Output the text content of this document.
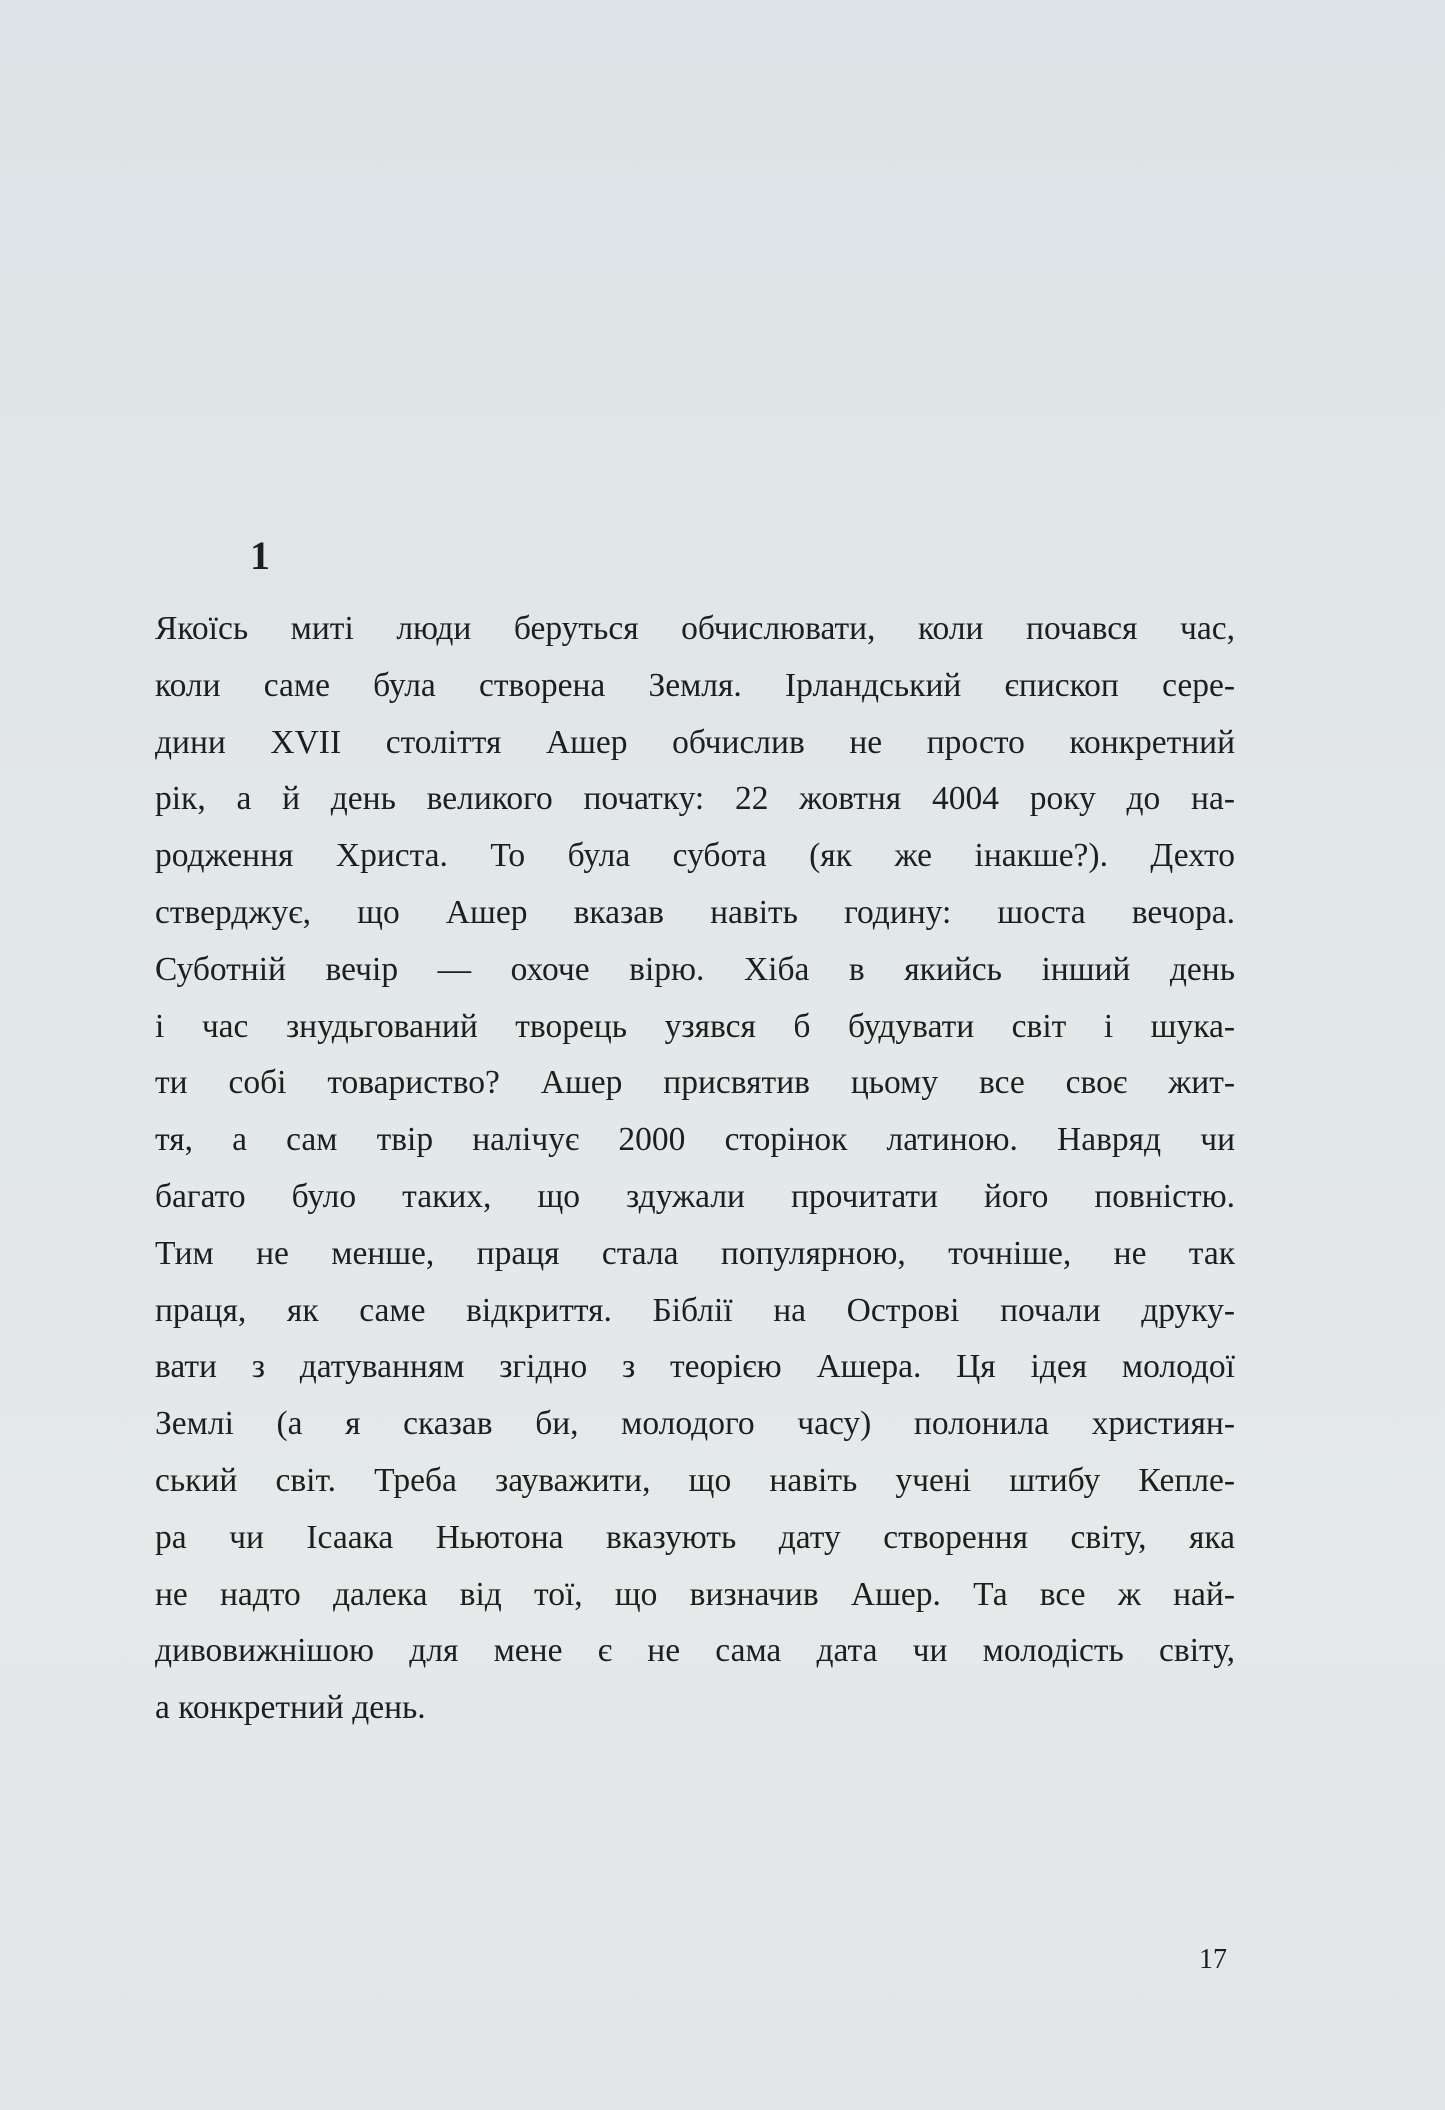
1
Якоїсь миті люди беруться обчислювати, коли почався час,
коли саме була створена Земля. Ірландський єпископ сере-
дини XVII століття Ашер обчислив не просто конкретний
рік, а й день великого початку: 22 жовтня 4004 року до на-
родження Христа. То була субота (як же інакше?). Дехто
стверджує, що Ашер вказав навіть годину: шоста вечора.
Суботній вечір — охоче вірю. Хіба в якийсь інший день
і час знудьгований творець узявся б будувати світ і шука-
ти собі товариство? Ашер присвятив цьому все своє жит-
тя, а сам твір налічує 2000 сторінок латиною. Навряд чи
багато було таких, що здужали прочитати його повністю.
Тим не менше, праця стала популярною, точніше, не так
праця, як саме відкриття. Біблії на Острові почали друку-
вати з датуванням згідно з теорією Ашера. Ця ідея молодої
Землі (а я сказав би, молодого часу) полонила християн-
ський світ. Треба зауважити, що навіть учені штибу Кепле-
ра чи Ісаака Ньютона вказують дату створення світу, яка
не надто далека від тої, що визначив Ашер. Та все ж най-
дивовижнішою для мене є не сама дата чи молодість світу,
а конкретний день.
17
